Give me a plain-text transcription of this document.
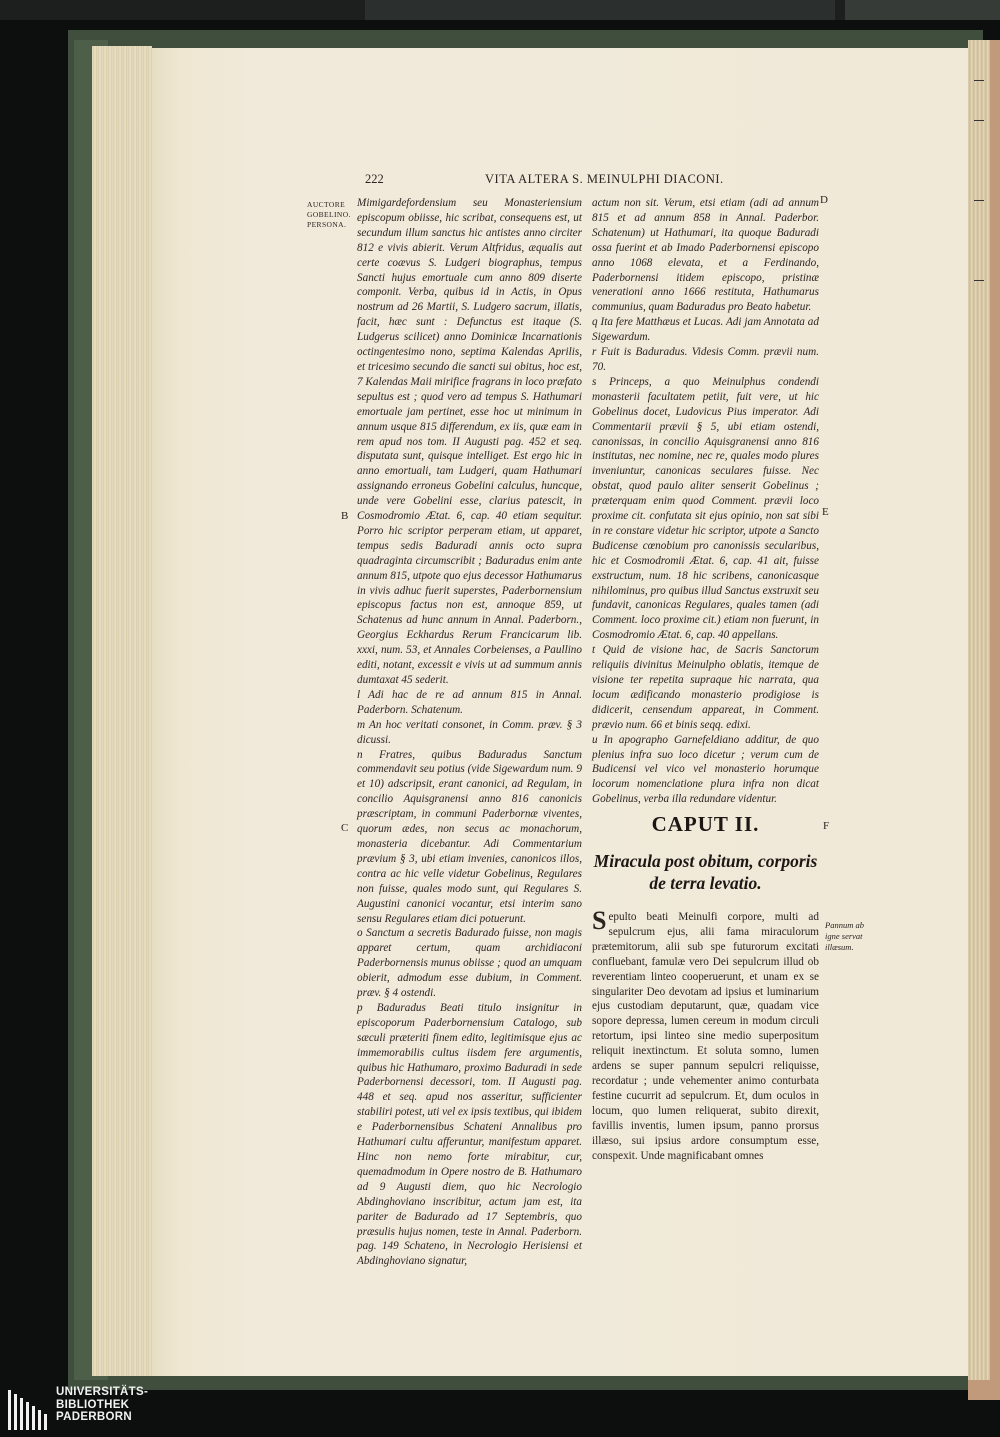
222	VITA ALTERA S. MEINULPHI DIACONI.
AUCTORE
GOBELINO.
PERSONA.
B
C
D
E
F

Mimigardefordensium seu Monasteriensium episcopum obiisse, hic scribat, consequens est, ut secundum illum sanctus hic antistes anno circiter 812 e vivis abierit. Verum Altfridus, æqualis aut certe coævus S. Ludgeri biographus, tempus Sancti hujus emortuale cum anno 809 diserte componit. Verba, quibus id in Actis, in Opus nostrum ad 26 Martii, S. Ludgero sacrum, illatis, facit, hæc sunt : Defunctus est itaque (S. Ludgerus scilicet) anno Dominicæ Incarnationis octingentesimo nono, septima Kalendas Aprilis, et tricesimo secundo die sancti sui obitus, hoc est, 7 Kalendas Maii mirifice fragrans in loco præfato sepultus est ; quod vero ad tempus S. Hathumari emortuale jam pertinet, esse hoc ut minimum in annum usque 815 differendum, ex iis, quæ eam in rem apud nos tom. II Augusti pag. 452 et seq. disputata sunt, quisque intelliget. Est ergo hic in anno emortuali, tam Ludgeri, quam Hathumari assignando erroneus Gobelini calculus, huncque, unde vere Gobelini esse, clarius patescit, in Cosmodromio Ætat. 6, cap. 40 etiam sequitur. Porro hic scriptor perperam etiam, ut apparet, tempus sedis Baduradi annis octo supra quadraginta circumscribit ; Baduradus enim ante annum 815, utpote quo ejus decessor Hathumarus in vivis adhuc fuerit superstes, Paderbornensium episcopus factus non est, annoque 859, ut Schatenus ad hunc annum in Annal. Paderborn., Georgius Eckhardus Rerum Francicarum lib. xxxi, num. 53, et Annales Corbeienses, a Paullino editi, notant, excessit e vivis ut ad summum annis dumtaxat 45 sederit.

l Adi hac de re ad annum 815 in Annal. Paderborn. Schatenum.

m An hoc veritati consonet, in Comm. præv. § 3 dicussi.

n Fratres, quibus Baduradus Sanctum commendavit seu potius (vide Sigewardum num. 9 et 10) adscripsit, erant canonici, ad Regulam, in concilio Aquisgranensi anno 816 canonicis præscriptam, in communi Paderbornæ viventes, quorum ædes, non secus ac monachorum, monasteria dicebantur. Adi Commentarium prævium § 3, ubi etiam invenies, canonicos illos, contra ac hic velle videtur Gobelinus, Regulares non fuisse, quales modo sunt, qui Regulares S. Augustini canonici vocantur, etsi interim sano sensu Regulares etiam dici potuerunt.

o Sanctum a secretis Badurado fuisse, non magis apparet certum, quam archidiaconi Paderbornensis munus obiisse ; quod an umquam obierit, admodum esse dubium, in Comment. præv. § 4 ostendi.

p Baduradus Beati titulo insignitur in episcoporum Paderbornensium Catalogo, sub sæculi præteriti finem edito, legitimisque ejus ac immemorabilis cultus iisdem fere argumentis, quibus hic Hathumaro, proximo Baduradi in sede Paderbornensi decessori, tom. II Augusti pag. 448 et seq. apud nos asseritur, sufficienter stabiliri potest, uti vel ex ipsis textibus, qui ibidem e Paderbornensibus Schateni Annalibus pro Hathumari cultu afferuntur, manifestum apparet. Hinc non nemo forte mirabitur, cur, quemadmodum in Opere nostro de B. Hathumaro ad 9 Augusti diem, quo hic Necrologio Abdinghoviano inscribitur, actum jam est, ita pariter de Badurado ad 17 Septembris, quo præsulis hujus nomen, teste in Annal. Paderborn. pag. 149 Schateno, in Necrologio Herisiensi et Abdinghoviano signatur,

actum non sit. Verum, etsi etiam (adi ad annum 815 et ad annum 858 in Annal. Paderbor. Schatenum) ut Hathumari, ita quoque Baduradi ossa fuerint et ab Imado Paderbornensi episcopo anno 1068 elevata, et a Ferdinando, Paderbornensi itidem episcopo, pristinæ venerationi anno 1666 restituta, Hathumarus communius, quam Baduradus pro Beato habetur.

q Ita fere Matthæus et Lucas. Adi jam Annotata ad Sigewardum.

r Fuit is Baduradus. Videsis Comm. prævii num. 70.

s Princeps, a quo Meinulphus condendi monasterii facultatem petiit, fuit vere, ut hic Gobelinus docet, Ludovicus Pius imperator. Adi Commentarii prævii § 5, ubi etiam ostendi, canonissas, in concilio Aquisgranensi anno 816 institutas, nec nomine, nec re, quales modo plures inveniuntur, canonicas seculares fuisse. Nec obstat, quod paulo aliter senserit Gobelinus ; præterquam enim quod Comment. prævii loco proxime cit. confutata sit ejus opinio, non sat sibi in re constare videtur hic scriptor, utpote a Sancto Budicense cœnobium pro canonissis secularibus, hic et Cosmodromii Ætat. 6, cap. 41 ait, fuisse exstructum, num. 18 hic scribens, canonicasque nihilominus, pro quibus illud Sanctus exstruxit seu fundavit, canonicas Regulares, quales tamen (adi Comment. loco proxime cit.) etiam non fuerunt, in Cosmodromio Ætat. 6, cap. 40 appellans.

t Quid de visione hac, de Sacris Sanctorum reliquiis divinitus Meinulpho oblatis, itemque de visione ter repetita supraque hic narrata, qua locum ædificando monasterio prodigiose is didicerit, censendum appareat, in Comment. prævio num. 66 et binis seqq. edixi.

u In apographo Garnefeldiano additur, de quo plenius infra suo loco dicetur ; verum cum de Budicensi vel vico vel monasterio horumque locorum nomenclatione plura infra non dicat Gobelinus, verba illa redundare videntur.

CAPUT II.
Miracula post obitum, corporis de terra levatio.
Sepulto beati Meinulfi corpore, multi ad sepulcrum ejus, alii fama miraculorum prætemitorum, alii sub spe futurorum excitati confluebant, famulæ vero Dei sepulcrum illud ob reverentiam linteo cooperuerunt, et unam ex se singulariter Deo devotam ad ipsius et luminarium ejus custodiam deputarunt, quæ, quadam vice sopore depressa, lumen cereum in modum circuli retortum, ipsi linteo sine medio superpositum reliquit inextinctum. Et soluta somno, lumen ardens se super pannum sepulcri reliquisse, recordatur ; unde vehementer animo conturbata festine cucurrit ad sepulcrum. Et, dum oculos in locum, quo lumen reliquerat, subito direxit, favillis inventis, lumen ipsum, panno prorsus illæso, sui ipsius ardore consumptum esse, conspexit. Unde magnificabant omnes
Pannum ab igne servat illæsum.
UNIVERSITÄTS-
BIBLIOTHEK
PADERBORN
